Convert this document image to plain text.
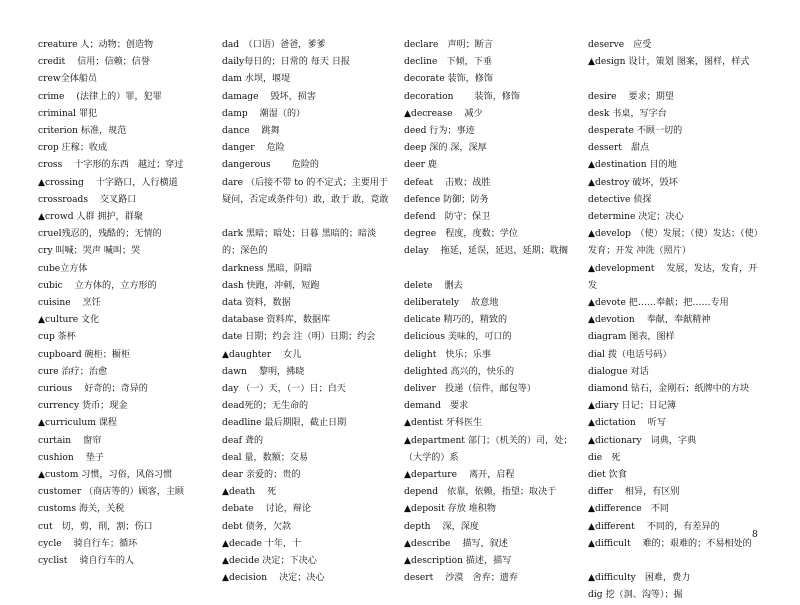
creature 人；动物；创造物
credit　 信用；信赖；信誉
crew全体船员
crime　 (法律上的）罪，犯罪
criminal 罪犯
criterion 标准，规范
crop 庄稼；收成
cross　 十字形的东西　越过；穿过
▲crossing　 十字路口，人行横道
crossroads　 交叉路口
▲crowd 人群 拥护，群聚
cruel残忍的，残酷的；无情的
cry 叫喊；哭声 喊叫；哭
cube立方体
cubic　 立方体的，立方形的
cuisine　 烹饪
▲culture 文化
cup 茶杯
cupboard 碗柜；橱柜
cure 治疗；治愈
curious　 好奇的；奇异的
currency 货币；现金
▲curriculum 课程
curtain　 窗帘
cushion　 垫子
▲custom 习惯，习俗，风俗习惯
customer （商店等的）顾客，主顾
customs 海关，关税
cut　切，剪，削，割；伤口
cycle　 骑自行车；循环
cyclist　 骑自行车的人
dad　（口语）爸爸，爹爹
daily每日的；日常的 每天 日报
dam 水坝，堰堤
damage　 毁坏，损害
damp　 潮湿（的）
dance　 跳舞
danger　 危险
dangerous　　 危险的
dare （后接不带 to 的不定式；主要用于疑问，否定或条件句）敢，敢于 敢，竟敢
dark 黑暗；暗处；日暮 黑暗的；暗淡的；深色的
darkness 黑暗，阴暗
dash 快跑，冲刺，短跑
data 资料，数据
database 资料库，数据库
date 日期；约会 注（明）日期；约会
▲daughter　 女儿
dawn　 黎明，拂晓
day （一）天，（一）日；白天
dead死的；无生命的
deadline 最后期限，截止日期
deaf 聋的
deal 量，数额；交易
dear 亲爱的；贵的
▲death　 死
debate　 讨论，辩论
debt 债务，欠款
▲decade 十年，十
▲decide 决定；下决心
▲decision　 决定；决心
declare　声明；断言
decline　下倾，下垂
decorate 装饰，修饰
decoration　　 装饰，修饰
▲decrease　 减少
deed 行为；事迹
deep 深的 深，深厚
deer 鹿
defeat　 击败；战胜
defence 防御；防务
defend　防守；保卫
degree　程度，度数；学位
delay　 拖延，延误，延迟，延期；耽搁
delete　 删去
deliberately　 故意地
delicate 精巧的，精致的
delicious 美味的，可口的
delight　快乐；乐事
delighted 高兴的，快乐的
deliver　投递（信件，邮包等）
demand　要求
▲dentist 牙科医生
▲department 部门；（机关的）司，处；（大学的）系
▲departure　 离开，启程
depend　依靠，依赖，指望；取决于
▲deposit 存放 堆积物
depth　 深，深度
▲describe　 描写，叙述
▲description 描述，描写
desert　 沙漠　舍弃；遗弃
deserve　应受
▲design 设计，策划 图案，图样，样式
desire　 要求；期望
desk 书桌，写字台
desperate 不顾一切的
dessert　甜点
▲destination 目的地
▲destroy 破坏，毁坏
detective 侦探
determine 决定；决心
▲develop　（使）发展；（使）发达；（使）发育；开发 冲洗（照片）
▲development　 发展，发达，发育，开发
▲devote 把……奉献；把……专用
▲devotion　 奉献，奉献精神
diagram 图表，图样
dial 拨（电话号码）
dialogue 对话
diamond 钻石，金刚石；纸牌中的方块
▲diary 日记；日记簿
▲dictation　 听写
▲dictionary　词典，字典
die　死
diet 饮食
differ　 相异，有区别
▲difference　不同
▲different　 不同的，有差异的
▲difficult　 难的；艰难的；不易相处的
▲difficulty　困难，费力
dig 挖（洞、沟等）；掘
8
